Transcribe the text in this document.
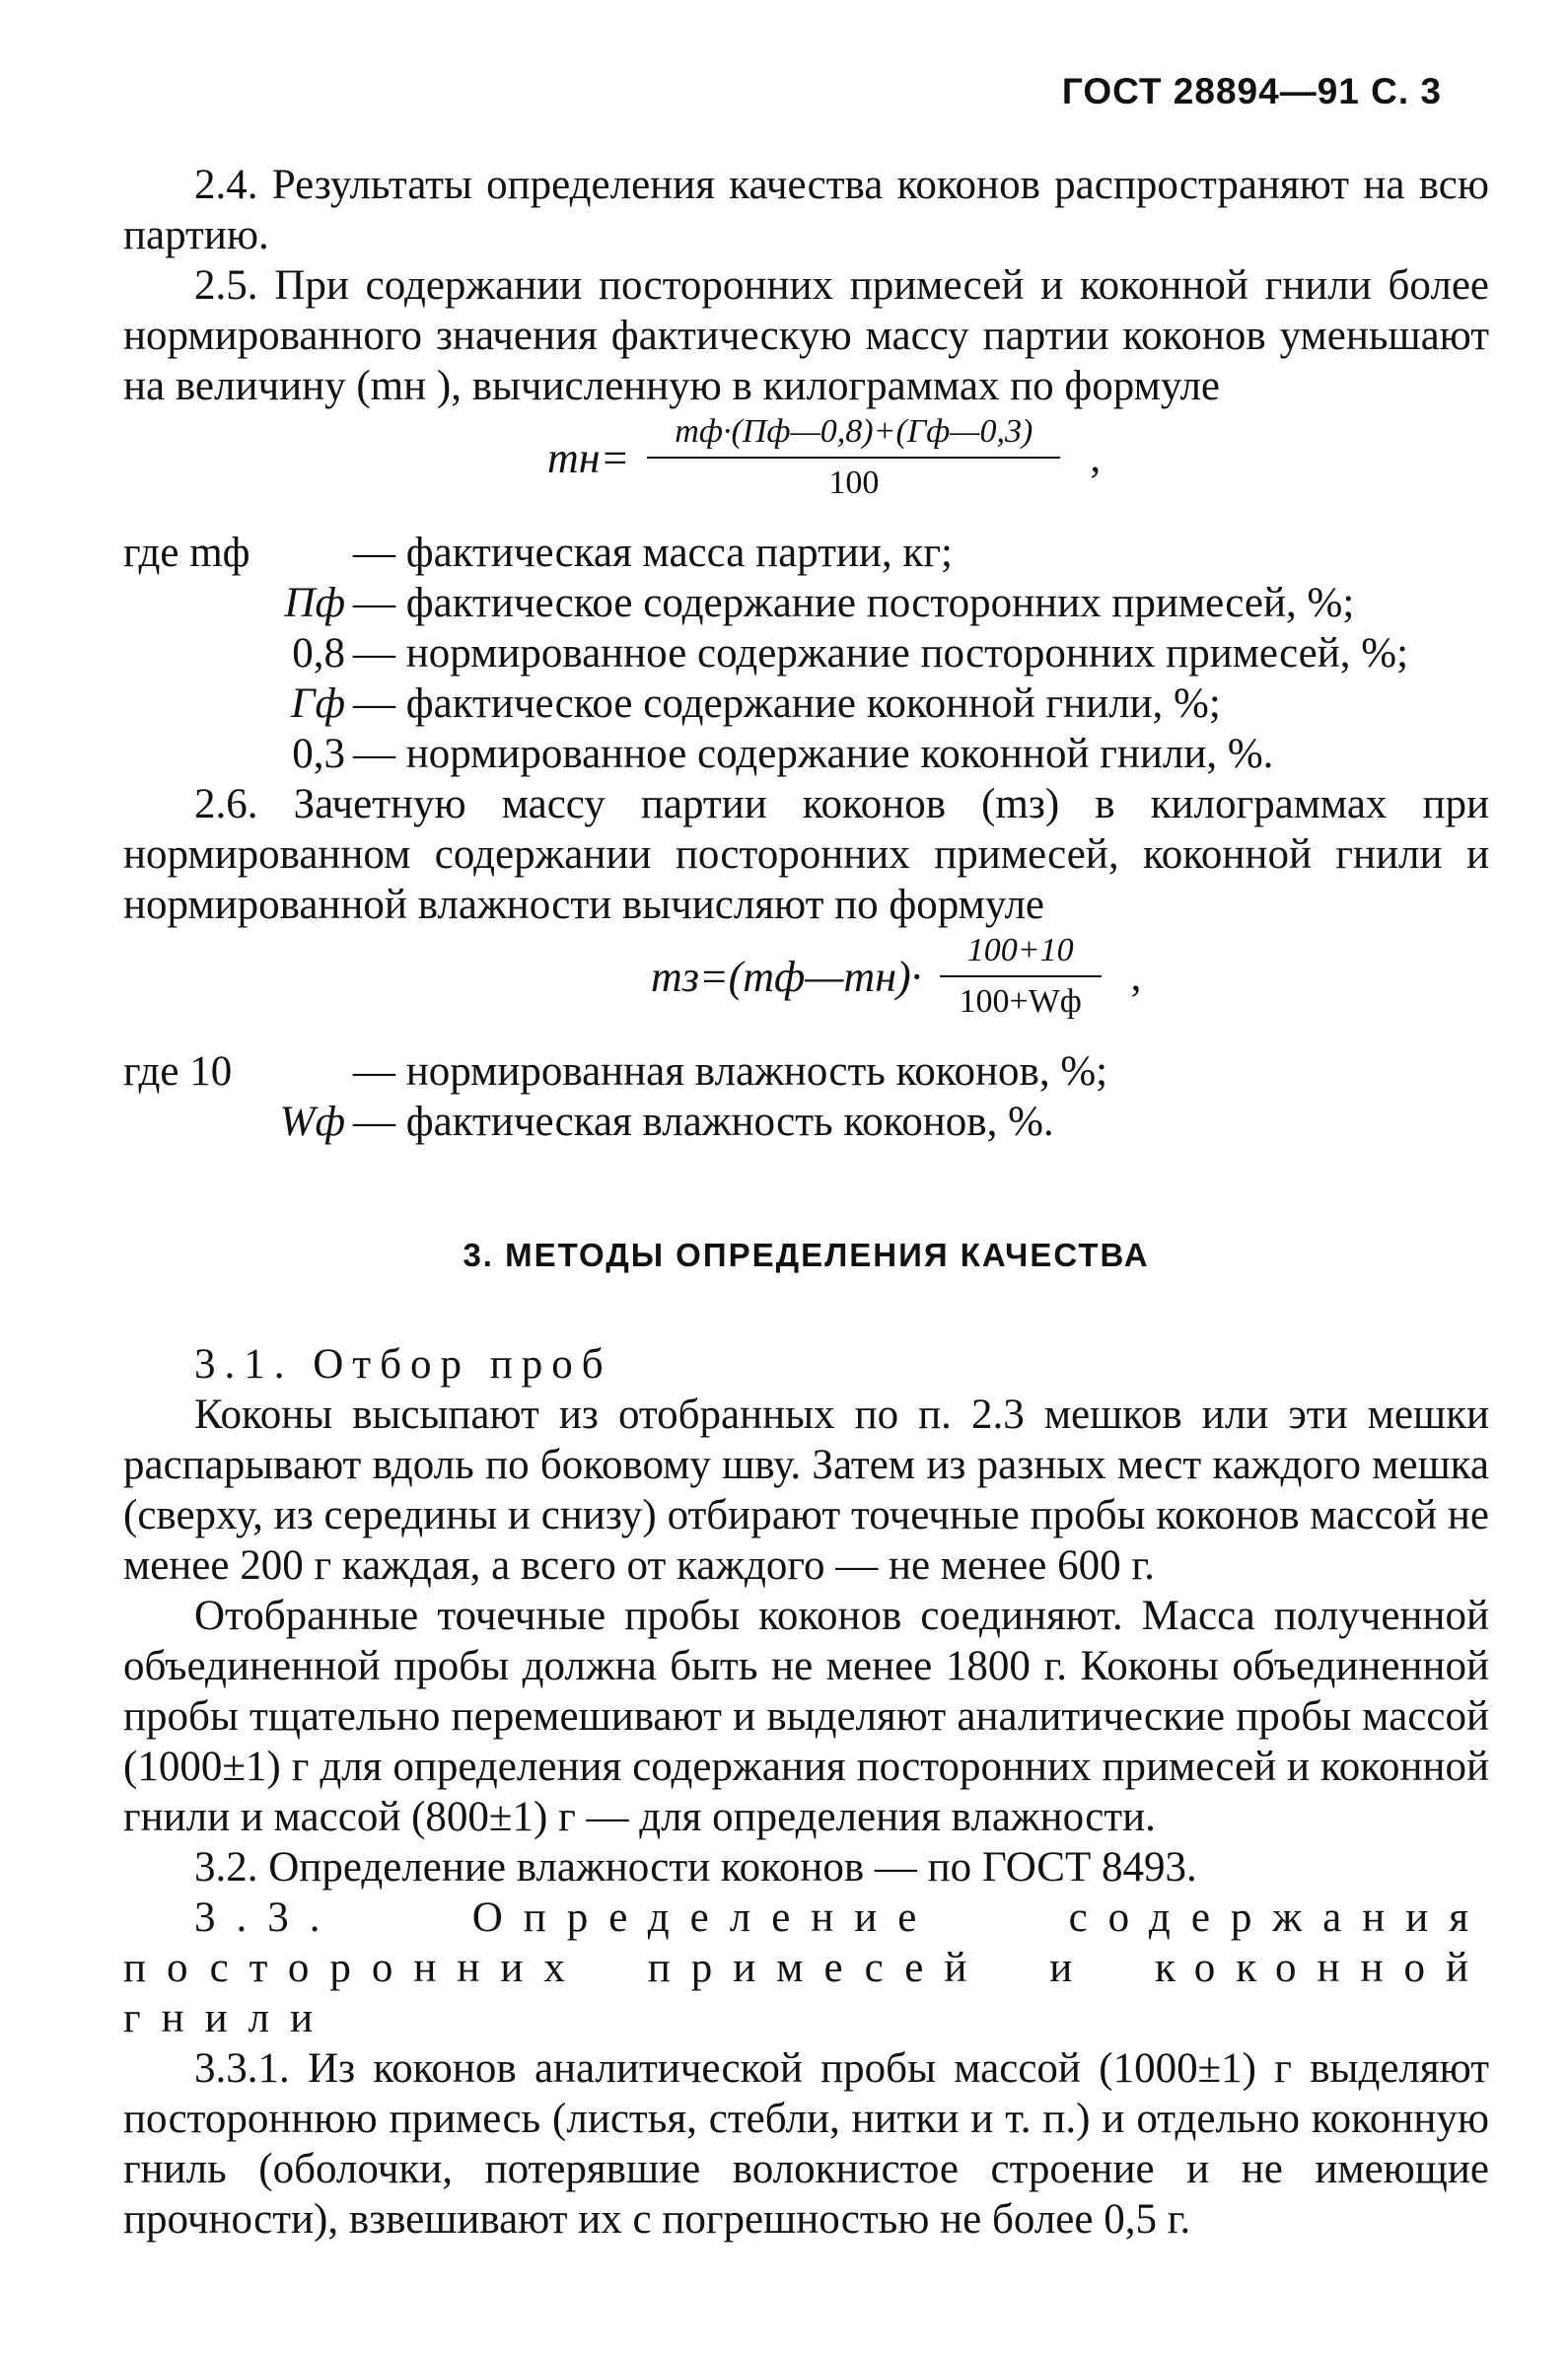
ГОСТ 28894—91 С. 3

2.4. Результаты определения качества коконов распространяют на всю партию.

2.5. При содержании посторонних примесей и коконной гнили более нормированного значения фактическую массу партии коконов уменьшают на величину (mн ), вычисленную в килограммах по формуле

$mн= \frac{mф\cdot(Пф—0,8)+(Гф—0,3)}{100}$ ,
где mф	— фактическая масса партии, кг;
Пф — фактическое содержание посторонних примесей, %;
0,8 — нормированное содержание посторонних примесей, %;
Гф — фактическое содержание коконной гнили, %;
0,3 — нормированное содержание коконной гнили, %.

2.6. Зачетную массу партии коконов (mз) в килограммах при нормированном содержании посторонних примесей, коконной гнили и нормированной влажности вычисляют по формуле

mз=(mф—mн)· $\frac{100+10}{100+Wф}$ ,
где 10	— нормированная влажность коконов, %;
Wф — фактическая влажность коконов, %.
3. МЕТОДЫ ОПРЕДЕЛЕНИЯ КАЧЕСТВА

3.1. Отбор проб

Коконы высыпают из отобранных по п. 2.3 мешков или эти мешки распарывают вдоль по боковому шву. Затем из разных мест каждого мешка (сверху, из середины и снизу) отбирают точечные пробы коконов массой не менее 200 г каждая, а всего от каждого — не менее 600 г.

Отобранные точечные пробы коконов соединяют. Масса полученной объединенной пробы должна быть не менее 1800 г. Коконы объединенной пробы тщательно перемешивают и выделяют аналитические пробы массой (1000±1) г для определения содержания посторонних примесей и коконной гнили и массой (800±1) г — для определения влажности.

3.2. Определение влажности коконов — по ГОСТ 8493.

3.3. Определение содержания посторонних примесей и коконной гнили

3.3.1. Из коконов аналитической пробы массой (1000±1) г выделяют постороннюю примесь (листья, стебли, нитки и т. п.) и отдельно коконную гниль (оболочки, потерявшие волокнистое строение и не имеющие прочности), взвешивают их с погрешностью не более 0,5 г.
